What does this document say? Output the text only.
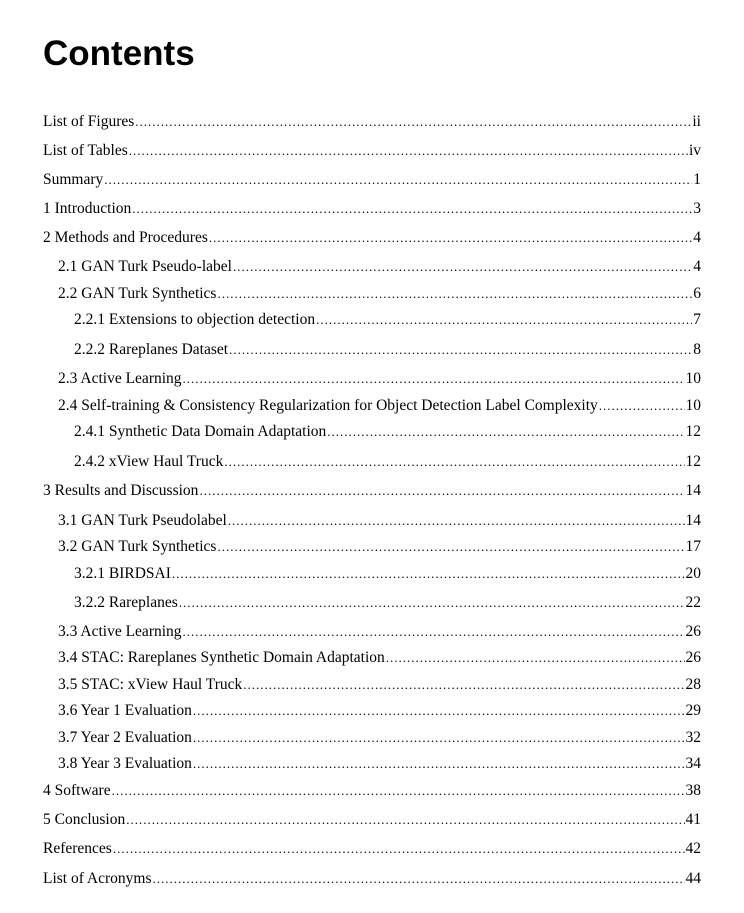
Contents
List of Figures .....	ii
List of Tables .....	iv
Summary .....	1
1 Introduction .....	3
2 Methods and Procedures .....	4
2.1 GAN Turk Pseudo-label .....	4
2.2 GAN Turk Synthetics .....	6
2.2.1 Extensions to objection detection .....	7
2.2.2 Rareplanes Dataset .....	8
2.3 Active Learning .....	10
2.4 Self-training & Consistency Regularization for Object Detection Label Complexity .....	10
2.4.1 Synthetic Data Domain Adaptation .....	12
2.4.2 xView Haul Truck .....	12
3 Results and Discussion .....	14
3.1 GAN Turk Pseudolabel .....	14
3.2 GAN Turk Synthetics .....	17
3.2.1 BIRDSAI .....	20
3.2.2 Rareplanes .....	22
3.3 Active Learning .....	26
3.4 STAC: Rareplanes Synthetic Domain Adaptation .....	26
3.5 STAC: xView Haul Truck .....	28
3.6 Year 1 Evaluation .....	29
3.7 Year 2 Evaluation .....	32
3.8 Year 3 Evaluation .....	34
4 Software .....	38
5 Conclusion .....	41
References .....	42
List of Acronyms .....	44
